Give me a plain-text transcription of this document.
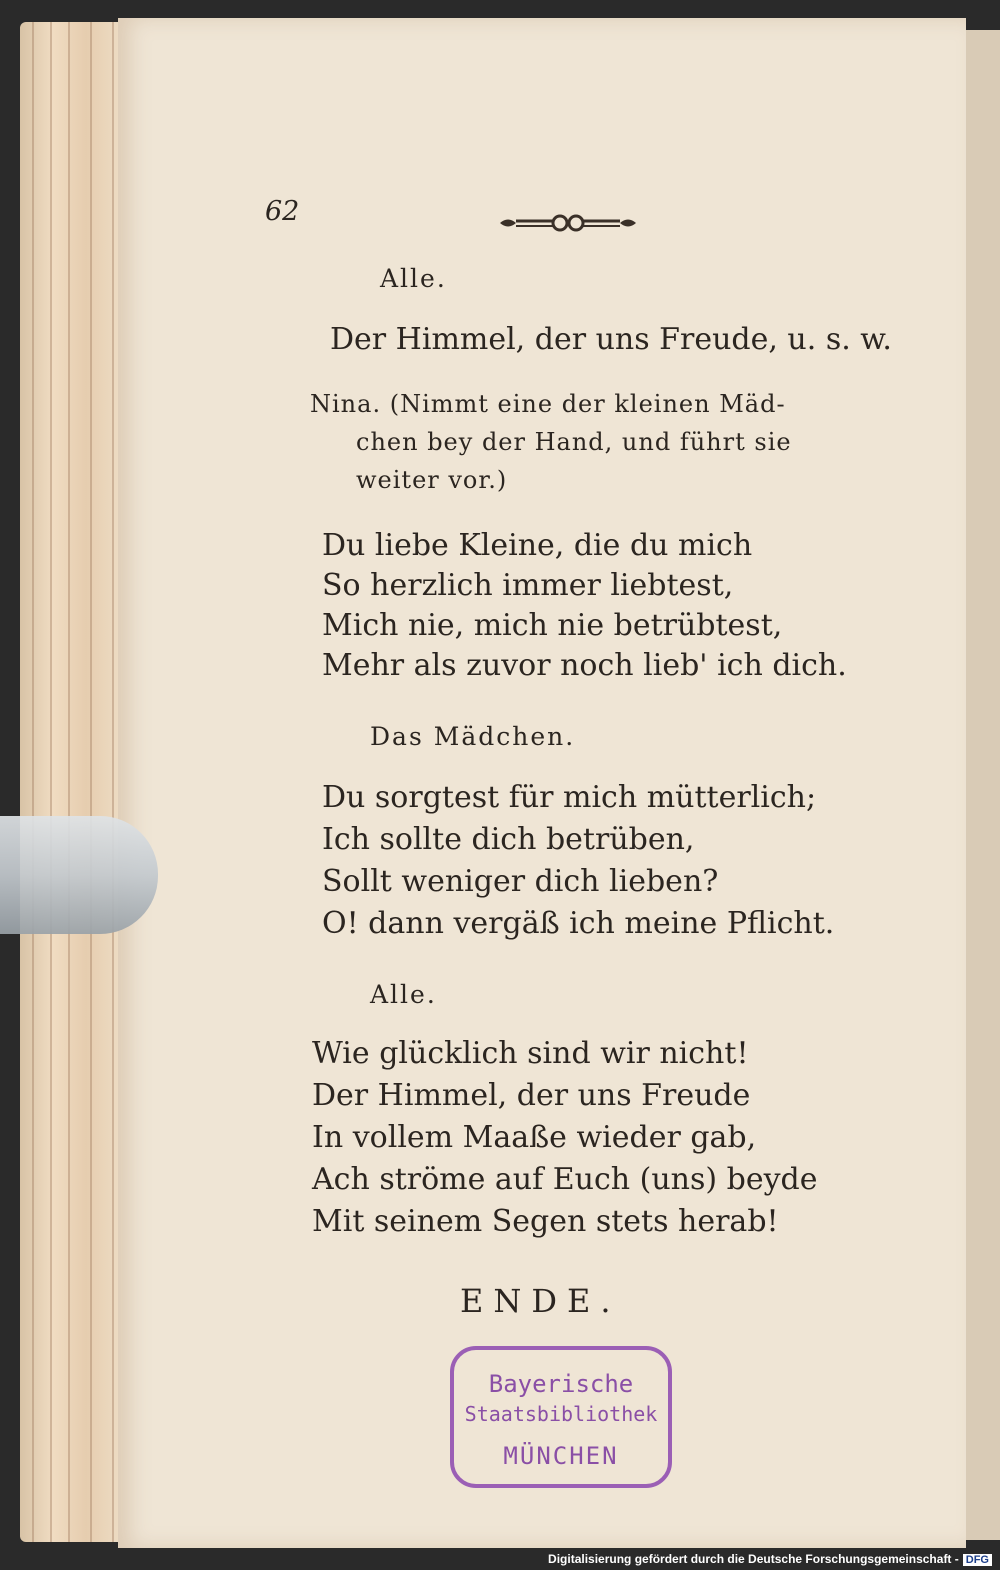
62
Alle.
Der Himmel, der uns Freude, u. s. w.
Nina. (Nimmt eine der kleinen Mäd-
chen bey der Hand, und führt sie
weiter vor.)
Du liebe Kleine, die du mich
So herzlich immer liebtest,
Mich nie, mich nie betrübtest,
Mehr als zuvor noch lieb' ich dich.
Das Mädchen.
Du sorgtest für mich mütterlich;
Ich sollte dich betrüben,
Sollt weniger dich lieben?
O! dann vergäß ich meine Pflicht.
Alle.
Wie glücklich sind wir nicht!
Der Himmel, der uns Freude
In vollem Maaße wieder gab,
Ach ströme auf Euch (uns) beyde
Mit seinem Segen stets herab!
ENDE.
Bayerische
Staatsbibliothek
MÜNCHEN
Digitalisierung gefördert durch die Deutsche Forschungsgemeinschaft - DFG
